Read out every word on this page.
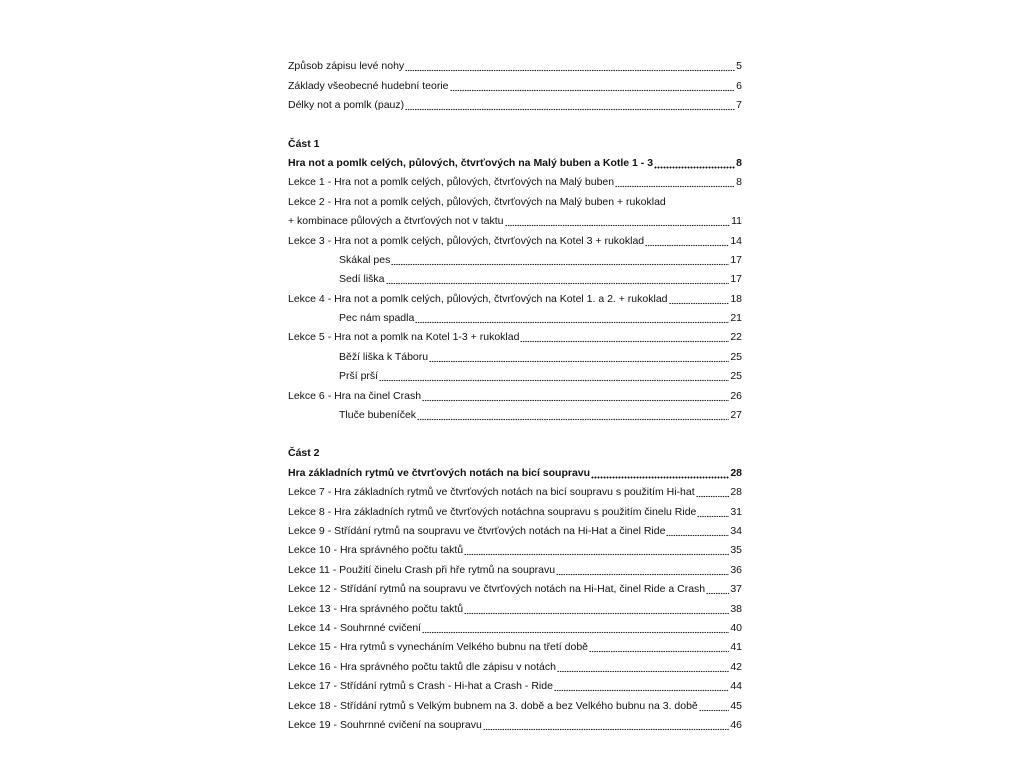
Způsob zápisu levé nohy	5
Základy všeobecné hudební teorie	6
Délky not a pomlk (pauz)	7
Část 1
Hra not a pomlk celých, půlových, čtvrťových na Malý buben a Kotle 1 - 3	8
Lekce 1 - Hra not a pomlk celých, půlových, čtvrťových na Malý buben	8
Lekce 2 - Hra not a pomlk celých, půlových, čtvrťových na Malý buben + rukoklad
+ kombinace půlových a čtvrťových not v taktu	11
Lekce 3 - Hra not a pomlk celých, půlových, čtvrťových na Kotel 3 + rukoklad	14
Skákal pes	17
Sedí liška	17
Lekce 4 - Hra not a pomlk celých, půlových, čtvrťových na Kotel 1. a 2. + rukoklad	18
Pec nám spadla	21
Lekce 5 - Hra not a pomlk na Kotel 1-3 + rukoklad	22
Běží liška k Táboru	25
Prší prší	25
Lekce 6 - Hra na činel Crash	26
Tluče bubeníček	27
Část 2
Hra základních rytmů ve čtvrťových notách na bicí soupravu	28
Lekce 7 - Hra základních rytmů ve čtvrťových notách na bicí soupravu s použitím Hi-hat	28
Lekce 8 - Hra základních rytmů ve čtvrťových notáchna soupravu s použitím činelu Ride	31
Lekce 9 - Střídání rytmů na soupravu ve čtvrťových notách na Hi-Hat a činel Ride	34
Lekce 10 - Hra správného počtu taktů	35
Lekce 11 - Použití činelu Crash při hře rytmů na soupravu	36
Lekce 12 - Střídání rytmů na soupravu ve čtvrťových notách na Hi-Hat, činel Ride a Crash 37
Lekce 13 - Hra správného počtu taktů	38
Lekce 14 - Souhrnné cvičení	40
Lekce 15 - Hra rytmů s vynecháním Velkého bubnu na třetí době	41
Lekce 16 - Hra správného počtu taktů dle zápisu v notách	42
Lekce 17 - Střídání rytmů s Crash - Hi-hat a Crash - Ride	44
Lekce 18 - Střídání rytmů s Velkým bubnem na 3. době a bez Velkého bubnu na 3. době	45
Lekce 19 - Souhrnné cvičení na soupravu	46
